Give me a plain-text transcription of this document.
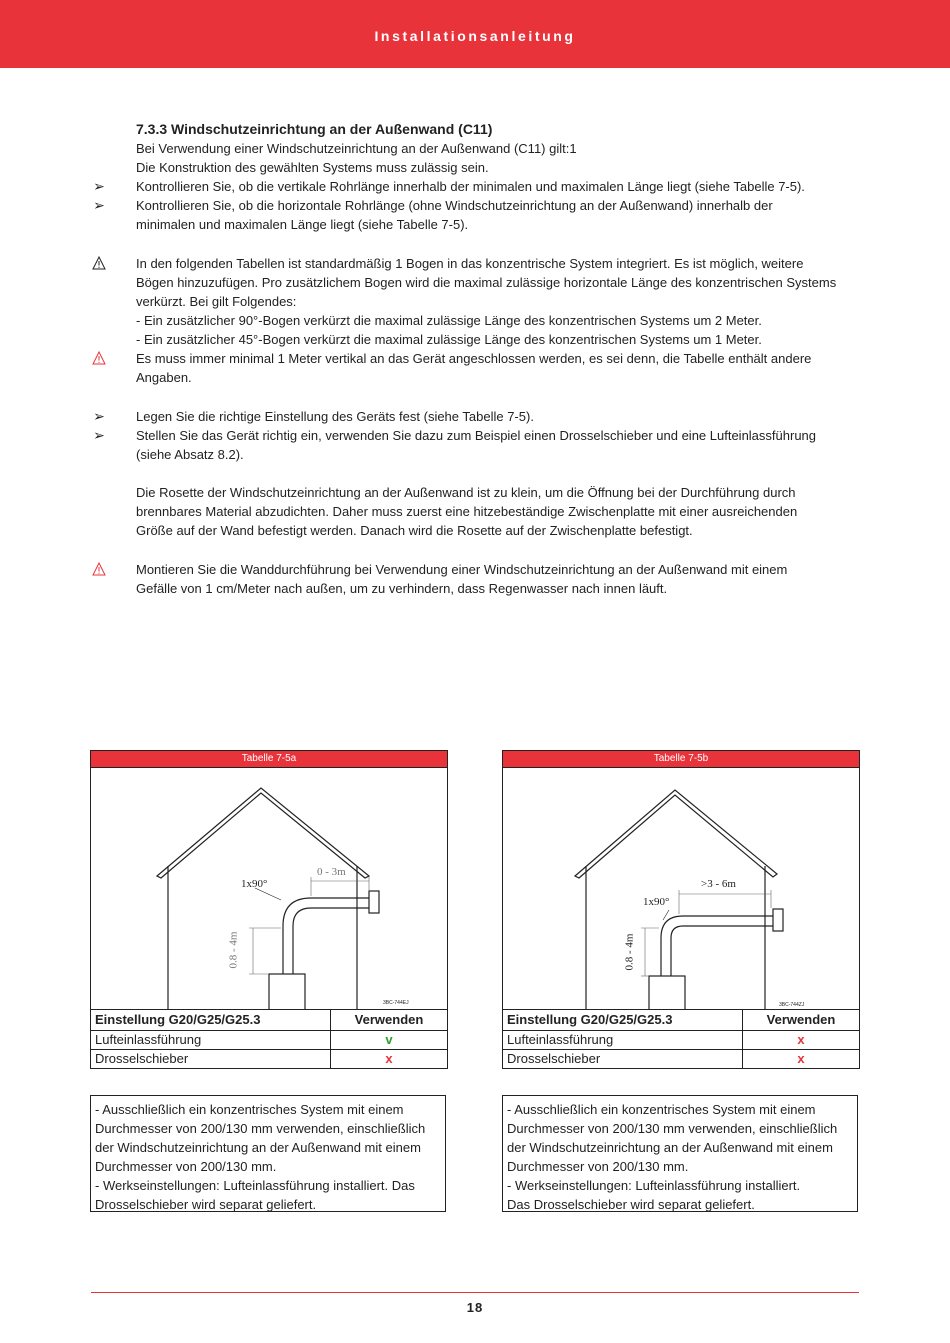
Installationsanleitung
7.3.3 Windschutzeinrichtung an der Außenwand (C11)
Bei Verwendung einer Windschutzeinrichtung an der Außenwand (C11) gilt:1
Die Konstruktion des gewählten Systems muss zulässig sein.
➢ Kontrollieren Sie, ob die vertikale Rohrlänge innerhalb der minimalen und maximalen Länge liegt (siehe Tabelle 7-5).
➢ Kontrollieren Sie, ob die horizontale Rohrlänge (ohne Windschutzeinrichtung an der Außenwand) innerhalb der
minimalen und maximalen Länge liegt (siehe Tabelle 7-5).
In den folgenden Tabellen ist standardmäßig 1 Bogen in das konzentrische System integriert. Es ist möglich, weitere
Bögen hinzuzufügen. Pro zusätzlichem Bogen wird die maximal zulässige horizontale Länge des konzentrischen Systems
verkürzt. Bei gilt Folgendes:
- Ein zusätzlicher 90°-Bogen verkürzt die maximal zulässige Länge des konzentrischen Systems um 2 Meter.
- Ein zusätzlicher 45°-Bogen verkürzt die maximal zulässige Länge des konzentrischen Systems um 1 Meter.
Es muss immer minimal 1 Meter vertikal an das Gerät angeschlossen werden, es sei denn, die Tabelle enthält andere
Angaben.
➢ Legen Sie die richtige Einstellung des Geräts fest (siehe Tabelle 7-5).
➢ Stellen Sie das Gerät richtig ein, verwenden Sie dazu zum Beispiel einen Drosselschieber und eine Lufteinlassführung
(siehe Absatz 8.2).
Die Rosette der Windschutzeinrichtung an der Außenwand ist zu klein, um die Öffnung bei der Durchführung durch
brennbares Material abzudichten. Daher muss zuerst eine hitzebeständige Zwischenplatte mit einer ausreichenden
Größe auf der Wand befestigt werden. Danach wird die Rosette auf der Zwischenplatte befestigt.
Montieren Sie die Wanddurchführung bei Verwendung einer Windschutzeinrichtung an der Außenwand mit einem
Gefälle von 1 cm/Meter nach außen, um zu verhindern, dass Regenwasser nach innen läuft.
Tabelle 7-5a
1x90°
0 - 3m
0.8 - 4m
3BC-744EJ
Einstellung G20/G25/G25.3	Verwenden
Lufteinlassführung	v
Drosselschieber	x
- Ausschließlich ein konzentrisches System mit einem
Durchmesser von 200/130 mm verwenden, einschließlich
der Windschutzeinrichtung an der Außenwand mit einem
Durchmesser von 200/130 mm.
- Werkseinstellungen: Lufteinlassführung installiert. Das
Drosselschieber wird separat geliefert.
Tabelle 7-5b
1x90°
>3 - 6m
0.8 - 4m
3BC-744ZJ
Einstellung G20/G25/G25.3	Verwenden
Lufteinlassführung	x
Drosselschieber	x
- Ausschließlich ein konzentrisches System mit einem
Durchmesser von 200/130 mm verwenden, einschließlich
der Windschutzeinrichtung an der Außenwand mit einem
Durchmesser von 200/130 mm.
- Werkseinstellungen: Lufteinlassführung installiert.
Das Drosselschieber wird separat geliefert.
18
